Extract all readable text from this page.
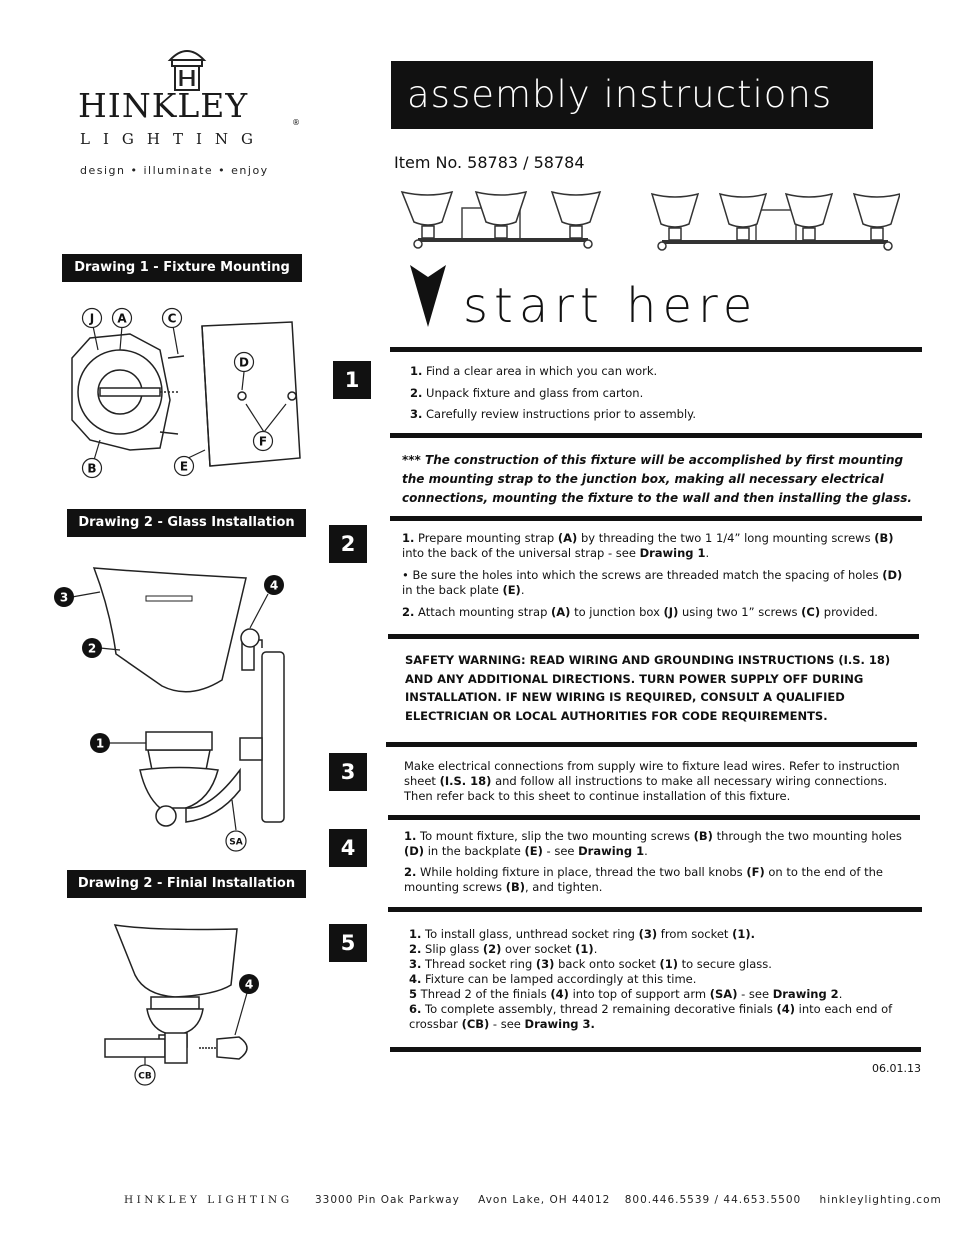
HINKLEY	®
LIGHTING
design • illuminate • enjoy
assembly instructions
Item No. 58783 / 58784
start here
Drawing 1 - Fixture Mounting
J A	C
D
F
B	E
Drawing 2 - Glass Installation
3
4
2
1
SA
Drawing 2 - Finial Installation
4
CB
1	1. Find a clear area in which you can work.

2. Unpack fixture and glass from carton.

3. Carefully review instructions prior to assembly.

*** The construction of this fixture will be accomplished by first mounting the mounting strap to the junction box, making all necessary electrical connections, mounting the fixture to the wall and then installing the glass.
2	1. Prepare mounting strap (A) by threading the two 1 1/4” long mounting screws (B) into the back of the universal strap - see Drawing 1.

• Be sure the holes into which the screws are threaded match the spacing of holes (D) in the back plate (E).

2. Attach mounting strap (A) to junction box (J) using two 1” screws (C) provided.

SAFETY WARNING: READ WIRING AND GROUNDING INSTRUCTIONS (I.S. 18) AND ANY ADDITIONAL DIRECTIONS. TURN POWER SUPPLY OFF DURING INSTALLATION. IF NEW WIRING IS REQUIRED, CONSULT A QUALIFIED ELECTRICIAN OR LOCAL AUTHORITIES FOR CODE REQUIREMENTS.
3	Make electrical connections from supply wire to fixture lead wires. Refer to instruction sheet (I.S. 18) and follow all instructions to make all necessary wiring connections. Then refer back to this sheet to continue installation of this fixture.
4	1. To mount fixture, slip the two mounting screws (B) through the two mounting holes (D) in the backplate (E) - see Drawing 1.

2. While holding fixture in place, thread the two ball knobs (F) on to the end of the mounting screws (B), and tighten.

5	1. To install glass, unthread socket ring (3) from socket (1).
2. Slip glass (2) over socket (1).
3. Thread socket ring (3) back onto socket (1) to secure glass.
4. Fixture can be lamped accordingly at this time.
5 Thread 2 of the finials (4) into top of support arm (SA) - see Drawing 2.
6. To complete assembly, thread 2 remaining decorative finials (4) into each end of crossbar (CB) - see Drawing 3.
06.01.13
HINKLEY LIGHTING 33000 Pin Oak Parkway Avon Lake, OH 44012 800.446.5539 / 44.653.5500 hinkleylighting.com
